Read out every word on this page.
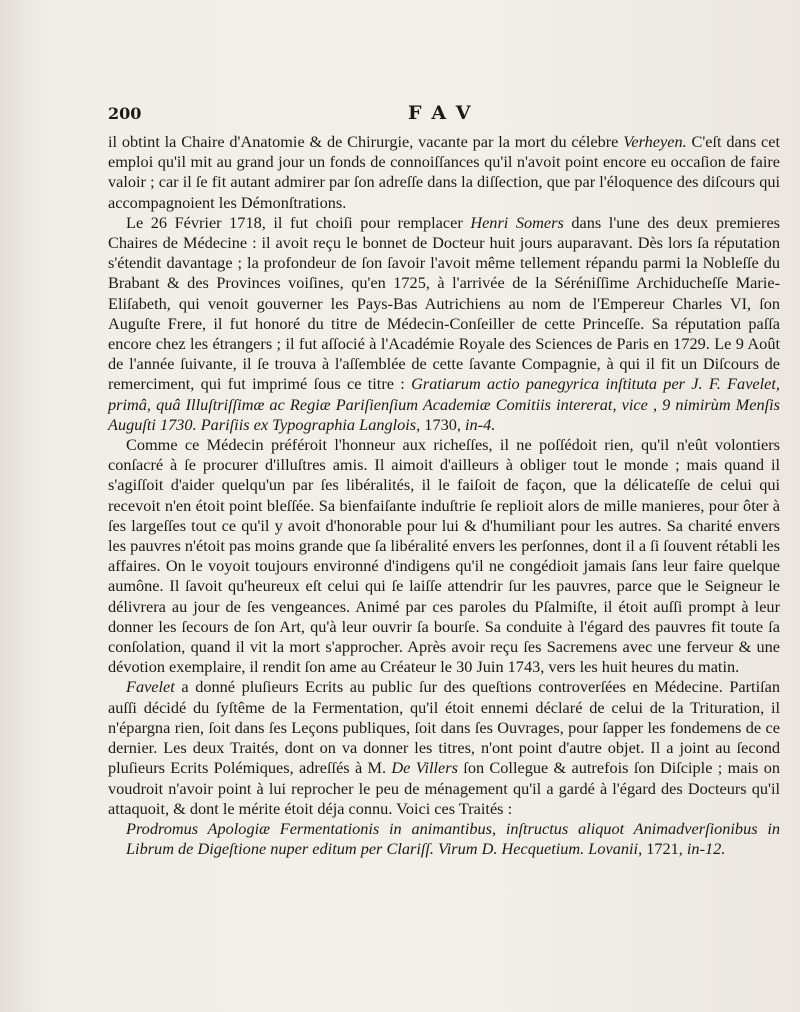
200	FAV

il obtint la Chaire d'Anatomie & de Chirurgie, vacante par la mort du célebre Verheyen. C'eſt dans cet emploi qu'il mit au grand jour un fonds de connoiſſances qu'il n'avoit point encore eu occaſion de faire valoir ; car il ſe fit autant admirer par ſon adreſſe dans la diſſection, que par l'éloquence des diſcours qui accompagnoient les Démonſtrations.

Le 26 Février 1718, il fut choiſi pour remplacer Henri Somers dans l'une des deux premieres Chaires de Médecine : il avoit reçu le bonnet de Docteur huit jours auparavant. Dès lors ſa réputation s'étendit davantage ; la profondeur de ſon ſavoir l'avoit même tellement répandu parmi la Nobleſſe du Brabant & des Provinces voiſines, qu'en 1725, à l'arrivée de la Séréniſſime Archiducheſſe Marie-Eliſabeth, qui venoit gouverner les Pays-Bas Autrichiens au nom de l'Empereur Charles VI, ſon Auguſte Frere, il fut honoré du titre de Médecin-Conſeiller de cette Princeſſe. Sa réputation paſſa encore chez les étrangers ; il fut aſſocié à l'Académie Royale des Sciences de Paris en 1729. Le 9 Août de l'année ſuivante, il ſe trouva à l'aſſemblée de cette ſavante Compagnie, à qui il fit un Diſcours de remerciment, qui fut imprimé ſous ce titre : Gratiarum actio panegyrica inſtituta per J. F. Favelet, primâ, quâ Illuſtriſſimæ ac Regiæ Pariſienſium Academiæ Comitiis intererat, vice , 9 nimirùm Menſis Auguſti 1730. Pariſiis ex Typographia Langlois, 1730, in-4.

Comme ce Médecin préféroit l'honneur aux richeſſes, il ne poſſédoit rien, qu'il n'eût volontiers conſacré à ſe procurer d'illuſtres amis. Il aimoit d'ailleurs à obliger tout le monde ; mais quand il s'agiſſoit d'aider quelqu'un par ſes libéralités, il le faiſoit de façon, que la délicateſſe de celui qui recevoit n'en étoit point bleſſée. Sa bienfaiſante induſtrie ſe replioit alors de mille manieres, pour ôter à ſes largeſſes tout ce qu'il y avoit d'honorable pour lui & d'humiliant pour les autres. Sa charité envers les pauvres n'étoit pas moins grande que ſa libéralité envers les perſonnes, dont il a ſi ſouvent rétabli les affaires. On le voyoit toujours environné d'indigens qu'il ne congédioit jamais ſans leur faire quelque aumône. Il ſavoit qu'heureux eſt celui qui ſe laiſſe attendrir ſur les pauvres, parce que le Seigneur le délivrera au jour de ſes vengeances. Animé par ces paroles du Pſalmiſte, il étoit auſſi prompt à leur donner les ſecours de ſon Art, qu'à leur ouvrir ſa bourſe. Sa conduite à l'égard des pauvres fit toute ſa conſolation, quand il vit la mort s'approcher. Après avoir reçu ſes Sacremens avec une ferveur & une dévotion exemplaire, il rendit ſon ame au Créateur le 30 Juin 1743, vers les huit heures du matin.

Favelet a donné pluſieurs Ecrits au public ſur des queſtions controverſées en Médecine. Partiſan auſſi décidé du ſyſtême de la Fermentation, qu'il étoit ennemi déclaré de celui de la Trituration, il n'épargna rien, ſoit dans ſes Leçons publiques, ſoit dans ſes Ouvrages, pour ſapper les fondemens de ce dernier. Les deux Traités, dont on va donner les titres, n'ont point d'autre objet. Il a joint au ſecond pluſieurs Ecrits Polémiques, adreſſés à M. De Villers ſon Collegue & autrefois ſon Diſciple ; mais on voudroit n'avoir point à lui reprocher le peu de ménagement qu'il a gardé à l'égard des Docteurs qu'il attaquoit, & dont le mérite étoit déja connu. Voici ces Traités :

Prodromus Apologiæ Fermentationis in animantibus, inſtructus aliquot Animadverſionibus in Librum de Digeſtione nuper editum per Clariſſ. Virum D. Hecquetium. Lovanii, 1721, in-12.
